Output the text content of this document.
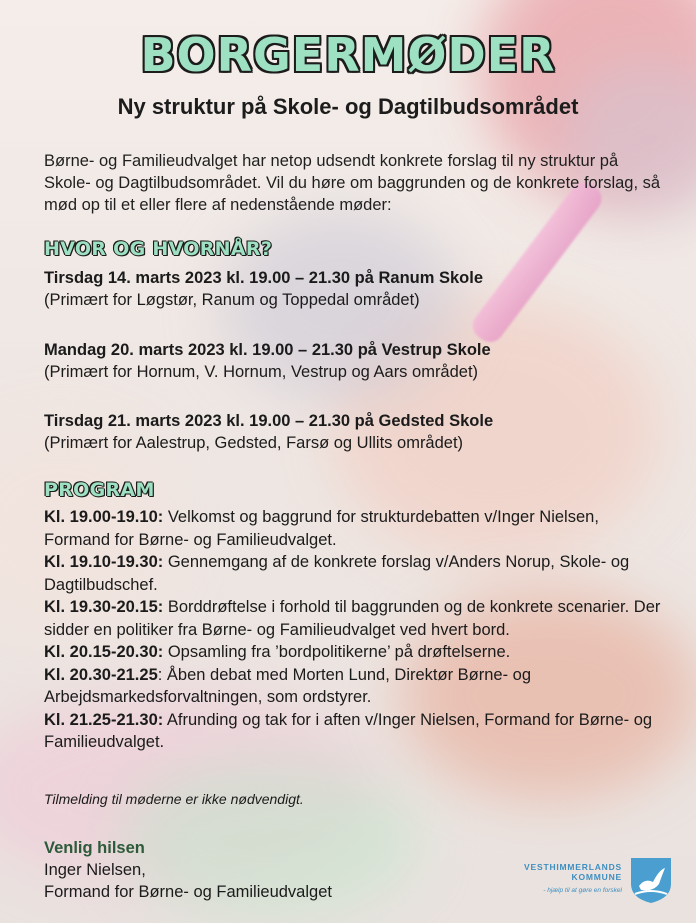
BORGERMØDER
Ny struktur på Skole- og Dagtilbudsområdet
Børne- og Familieudvalget har netop udsendt konkrete forslag til ny struktur på Skole- og Dagtilbudsområdet. Vil du høre om baggrunden og de konkrete forslag, så mød op til et eller flere af nedenstående møder:
HVOR OG HVORNÅR?
Tirsdag 14. marts 2023 kl. 19.00 – 21.30 på Ranum Skole
(Primært for Løgstør, Ranum og Toppedal området)
Mandag 20. marts 2023 kl. 19.00 – 21.30 på Vestrup Skole
(Primært for Hornum, V. Hornum, Vestrup og Aars området)
Tirsdag 21. marts 2023 kl. 19.00 – 21.30 på Gedsted Skole
(Primært for Aalestrup, Gedsted, Farsø og Ullits området)
PROGRAM

Kl. 19.00-19.10: Velkomst og baggrund for strukturdebatten v/Inger Nielsen, Formand for Børne- og Familieudvalget.

Kl. 19.10-19.30: Gennemgang af de konkrete forslag v/Anders Norup, Skole- og Dagtilbudschef.

Kl. 19.30-20.15: Borddrøftelse i forhold til baggrunden og de konkrete scenarier. Der sidder en politiker fra Børne- og Familieudvalget ved hvert bord.

Kl. 20.15-20.30: Opsamling fra ’bordpolitikerne’ på drøftelserne.

Kl. 20.30-21.25: Åben debat med Morten Lund, Direktør Børne- og Arbejdsmarkedsforvaltningen, som ordstyrer.

Kl. 21.25-21.30: Afrunding og tak for i aften v/Inger Nielsen, Formand for Børne- og Familieudvalget.

Tilmelding til møderne er ikke nødvendigt.
Venlig hilsen
Inger Nielsen,
Formand for Børne- og Familieudvalget
VESTHIMMERLANDS
KOMMUNE
- hjælp til at gøre en forskel
